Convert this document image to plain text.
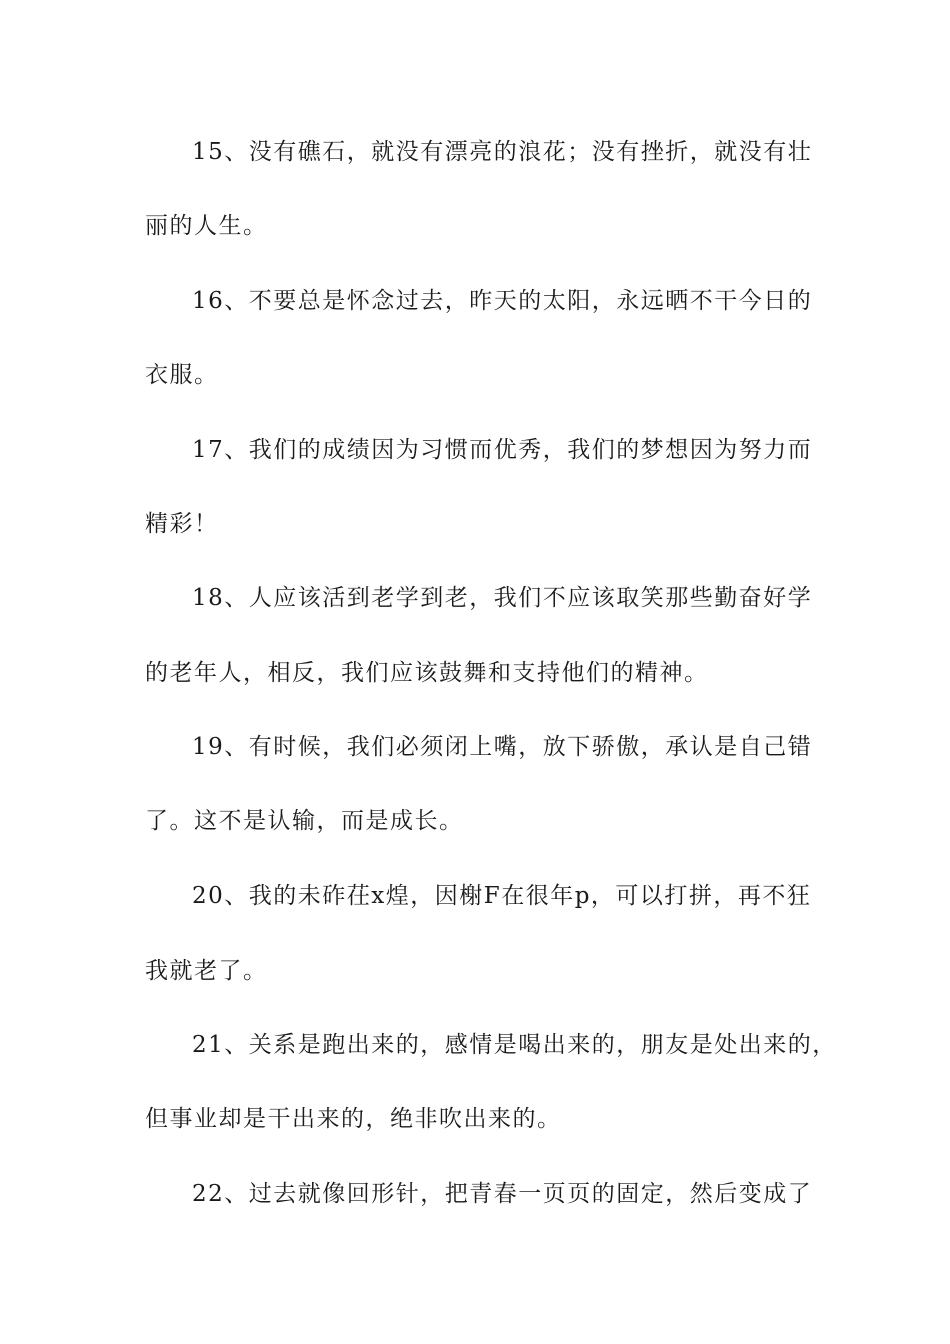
15、没有礁石，就没有漂亮的浪花；没有挫折，就没有壮
丽的人生。
16、不要总是怀念过去，昨天的太阳，永远晒不干今日的
衣服。
17、我们的成绩因为习惯而优秀，我们的梦想因为努力而
精彩！
18、人应该活到老学到老，我们不应该取笑那些勤奋好学
的老年人，相反，我们应该鼓舞和支持他们的精神。
19、有时候，我们必须闭上嘴，放下骄傲，承认是自己错
了。这不是认输，而是成长。
20、我的未砟茌x煌，因榭F在很年p，可以打拼，再不狂
我就老了。
21、关系是跑出来的，感情是喝出来的，朋友是处出来的，
但事业却是干出来的，绝非吹出来的。
22、过去就像回形针，把青春一页页的固定，然后变成了
